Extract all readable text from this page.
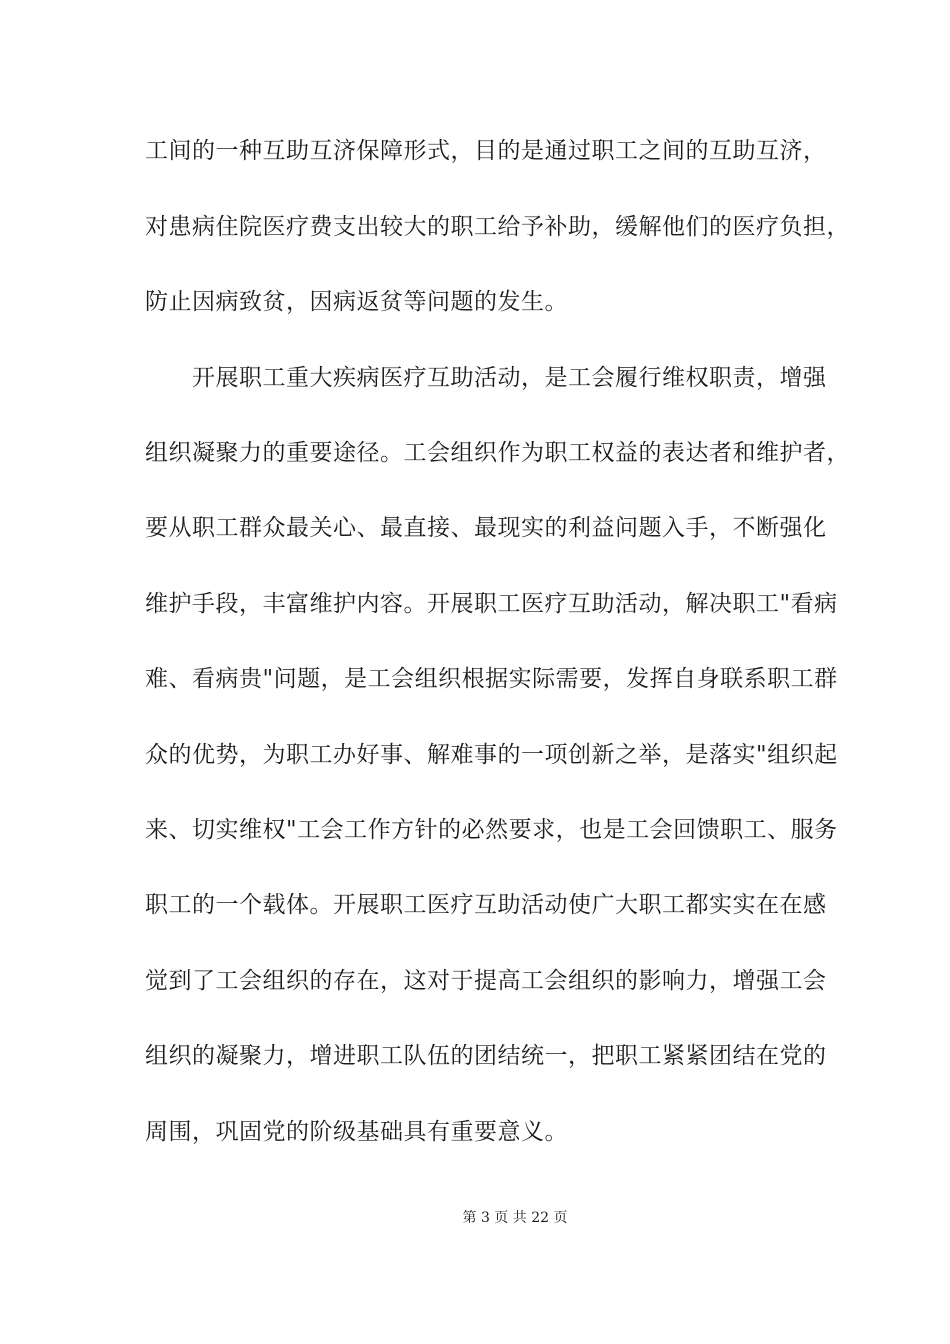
工间的一种互助互济保障形式，目的是通过职工之间的互助互济，
对患病住院医疗费支出较大的职工给予补助，缓解他们的医疗负担，
防止因病致贫，因病返贫等问题的发生。
开展职工重大疾病医疗互助活动，是工会履行维权职责，增强
组织凝聚力的重要途径。工会组织作为职工权益的表达者和维护者，
要从职工群众最关心、最直接、最现实的利益问题入手，不断强化
维护手段，丰富维护内容。开展职工医疗互助活动，解决职工"看病
难、看病贵"问题，是工会组织根据实际需要，发挥自身联系职工群
众的优势，为职工办好事、解难事的一项创新之举，是落实"组织起
来、切实维权"工会工作方针的必然要求，也是工会回馈职工、服务
职工的一个载体。开展职工医疗互助活动使广大职工都实实在在感
觉到了工会组织的存在，这对于提高工会组织的影响力，增强工会
组织的凝聚力，增进职工队伍的团结统一，把职工紧紧团结在党的
周围，巩固党的阶级基础具有重要意义。
第 3 页 共 22 页
